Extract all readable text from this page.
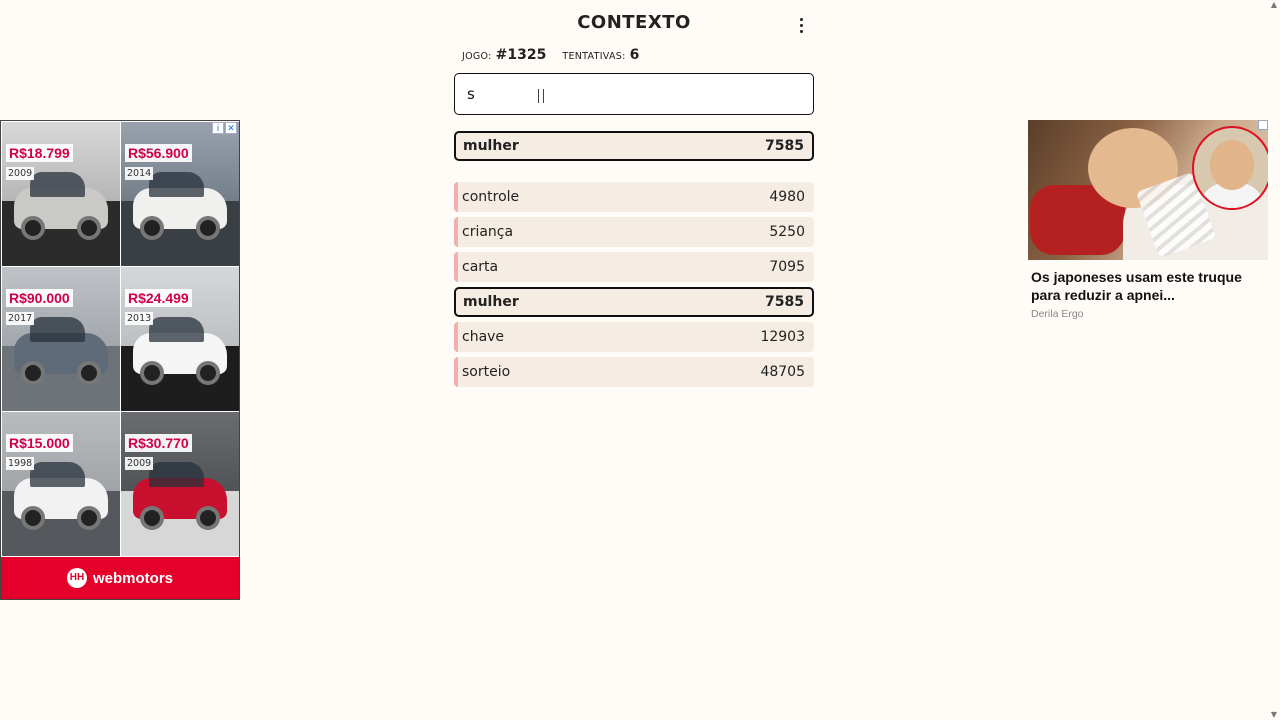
CONTEXTO
JOGO: #1325 TENTATIVAS: 6
s
mulher	7585
controle	4980
criança	5250
carta	7095
mulher	7585
chave	12903
sorteio	48705
i ✕
R$18.799
2009
R$56.900
2014
R$90.000
2017
R$24.499
2013
R$15.000
1998
R$30.770
2009
HH webmotors
Os japoneses usam este truque para reduzir a apnei...
Derila Ergo
▲
▼
